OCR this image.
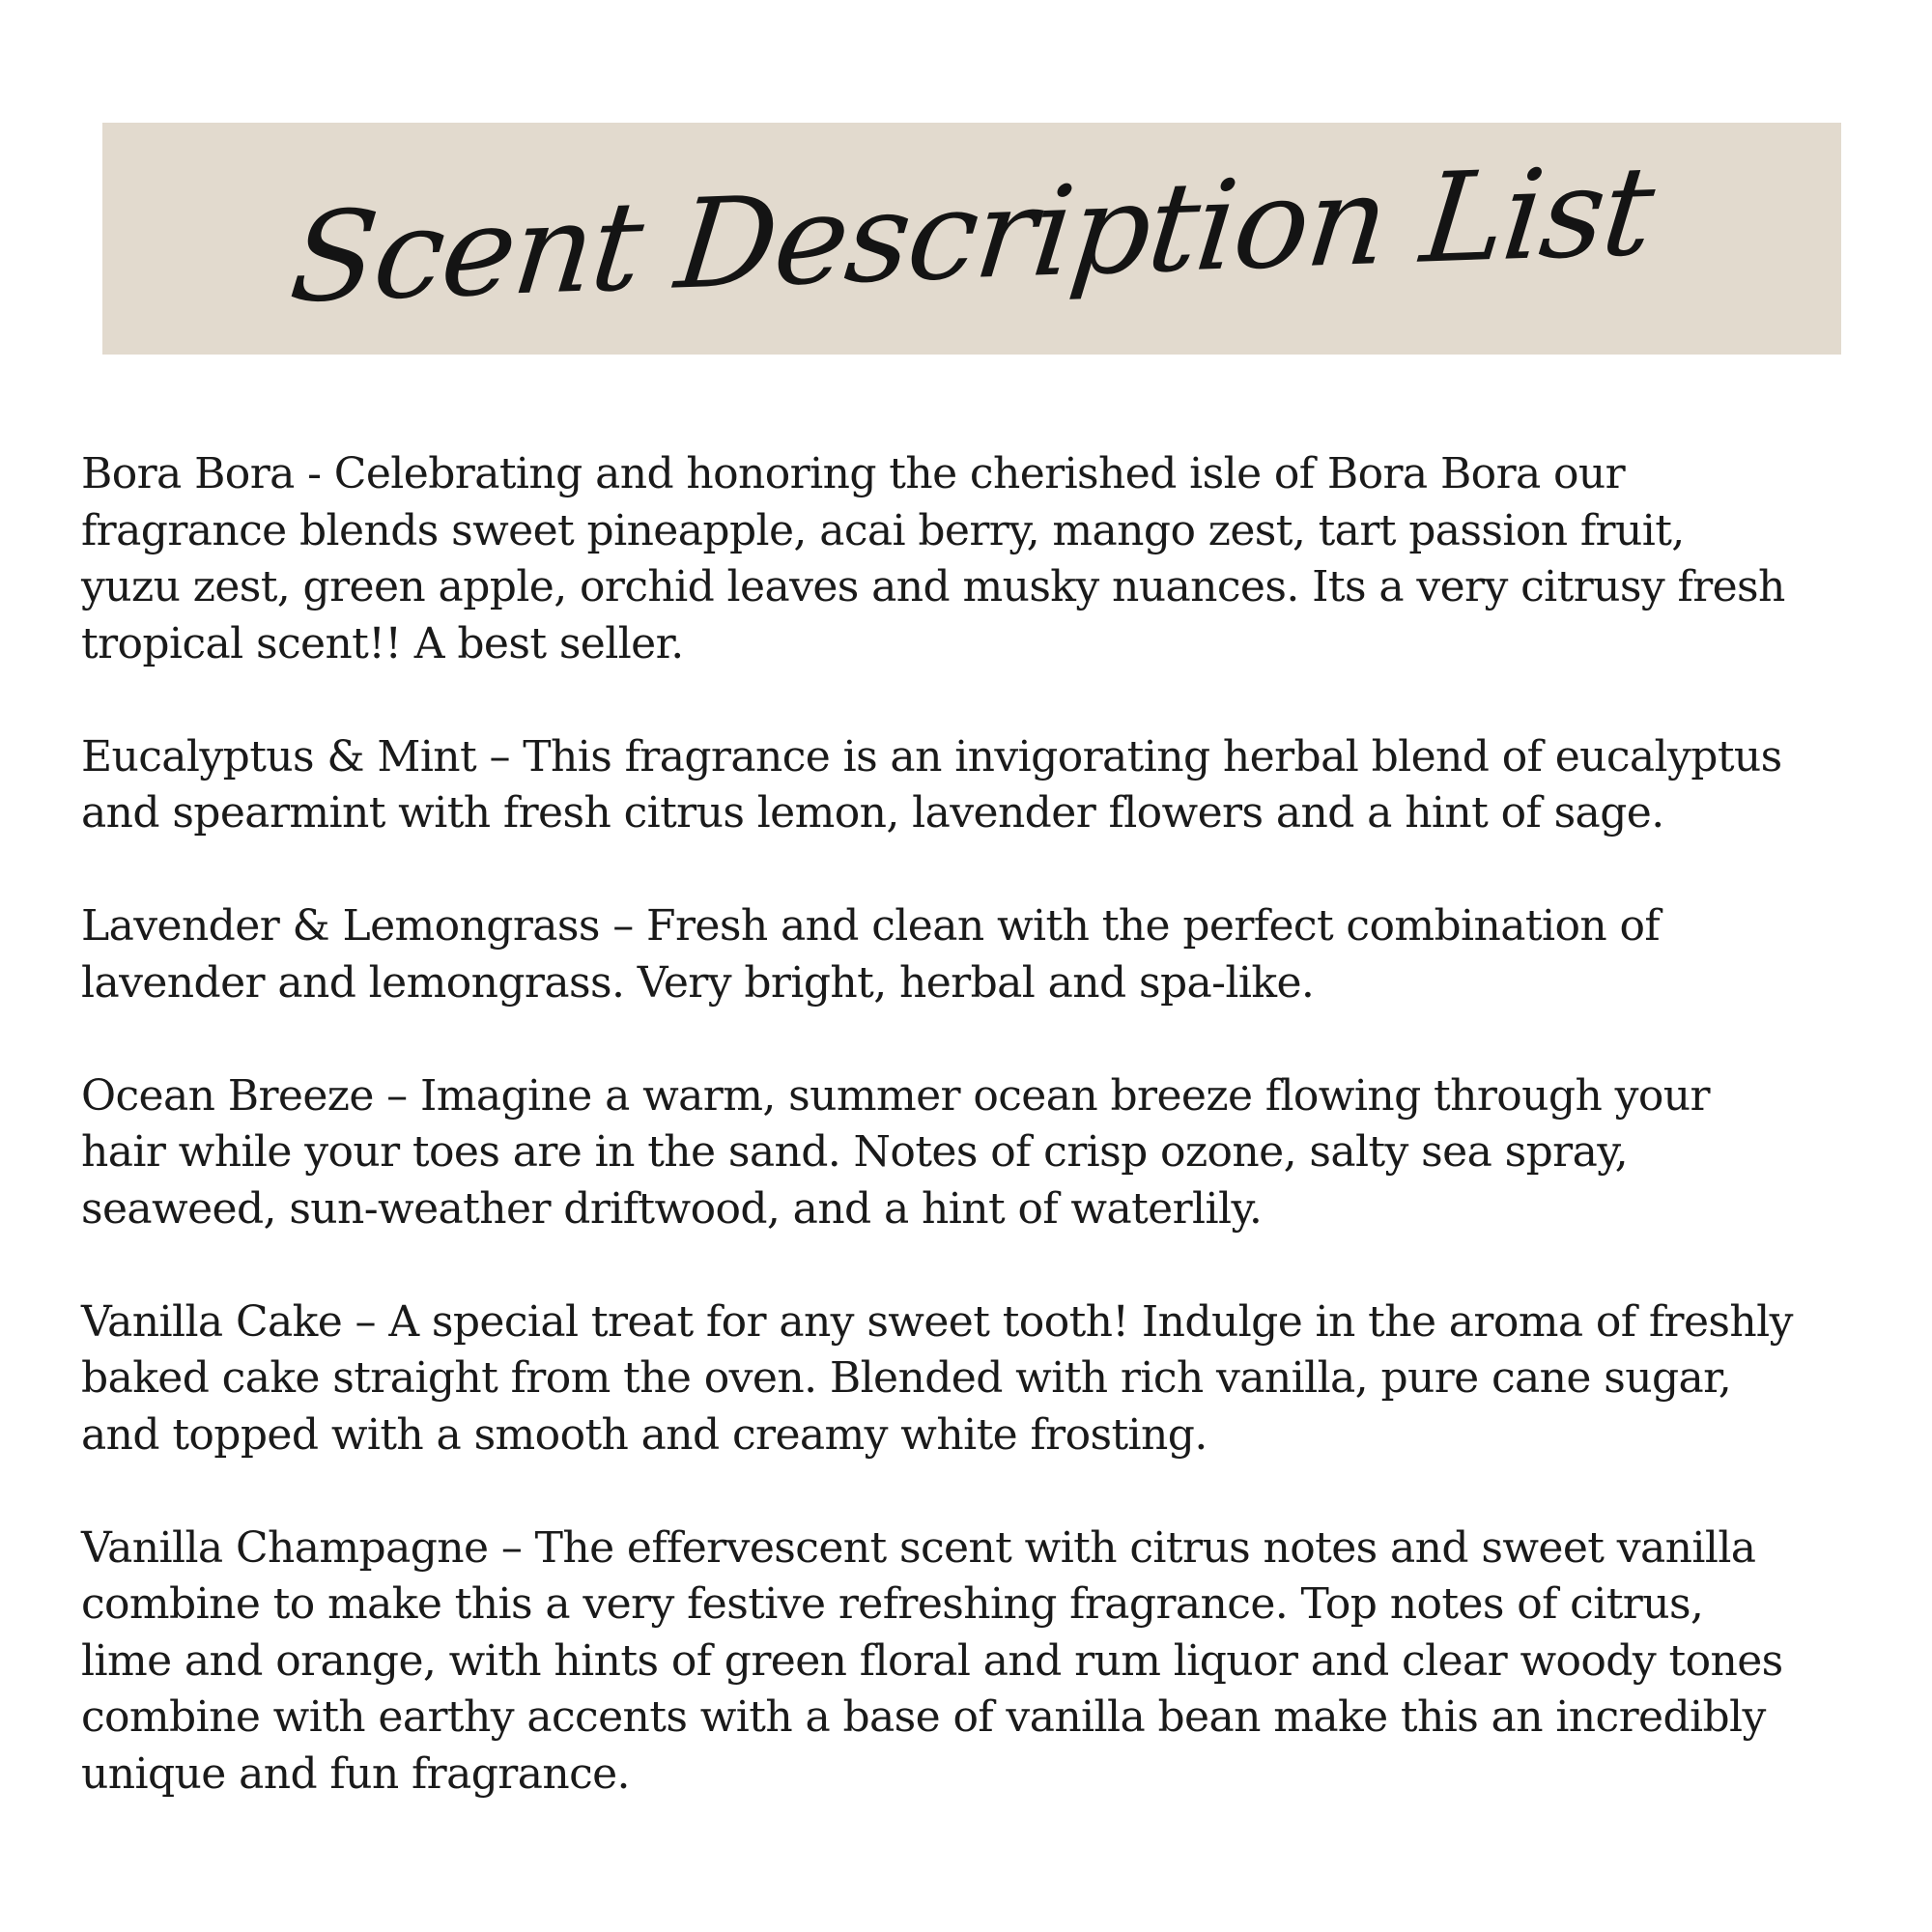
Scent Description List

Bora Bora - Celebrating and honoring the cherished isle of Bora Bora our
fragrance blends sweet pineapple, acai berry, mango zest, tart passion fruit,
yuzu zest, green apple, orchid leaves and musky nuances. Its a very citrusy fresh
tropical scent!! A best seller.

Eucalyptus & Mint – This fragrance is an invigorating herbal blend of eucalyptus
and spearmint with fresh citrus lemon, lavender flowers and a hint of sage.

Lavender & Lemongrass – Fresh and clean with the perfect combination of
lavender and lemongrass. Very bright, herbal and spa-like.

Ocean Breeze – Imagine a warm, summer ocean breeze flowing through your
hair while your toes are in the sand. Notes of crisp ozone, salty sea spray,
seaweed, sun-weather driftwood, and a hint of waterlily.

Vanilla Cake – A special treat for any sweet tooth! Indulge in the aroma of freshly
baked cake straight from the oven. Blended with rich vanilla, pure cane sugar,
and topped with a smooth and creamy white frosting.

Vanilla Champagne – The effervescent scent with citrus notes and sweet vanilla
combine to make this a very festive refreshing fragrance. Top notes of citrus,
lime and orange, with hints of green floral and rum liquor and clear woody tones
combine with earthy accents with a base of vanilla bean make this an incredibly
unique and fun fragrance.
